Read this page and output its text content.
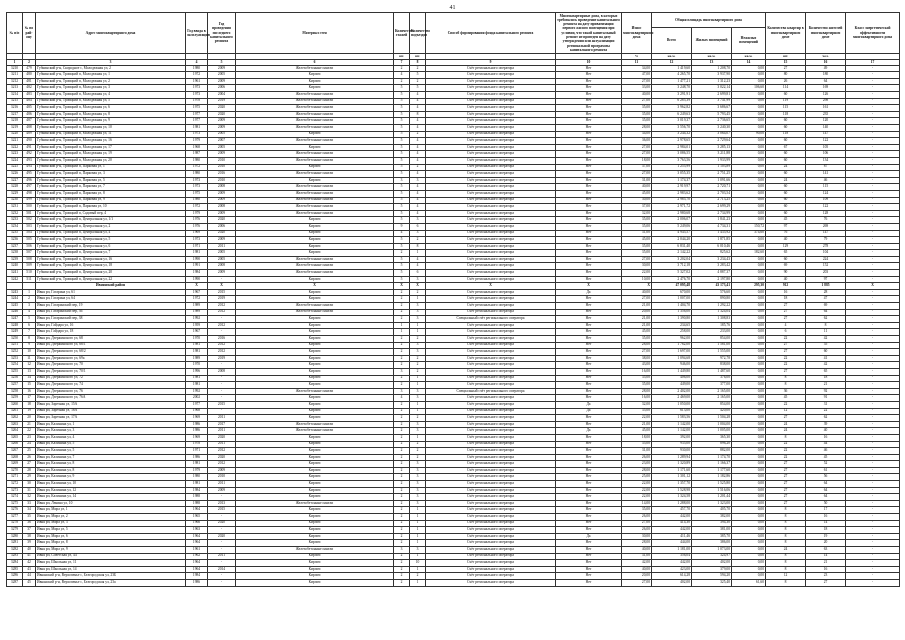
41
№ п/п	№ по рай-ону	Адрес многоквартирного дома	Год ввода в эксплуатацию	Год проведения последнего капитального ремонта	Материал стен	Количество этажей	Количество подъездов	Способ формирования фонда капитального ремонта	Многоквартирные дома, в которых требовалось проведение капитального ремонта на дату приватизации первого жилого помещения при условии, что такой капитальный ремонт не проведен на дату утверждения или актуализации региональной программы капитального ремонта	Износ многоквартирного дома	Общая площадь многоквартирного дома			Количество квартир в многоквартирном доме	Количество жителей многоквартирном доме	Класс энергетической эффективности многоквартирного дома
											Всего	Жилых помещений	Нежилых помещений			
						шт.	шт.			%	кв.м.	кв.м.	кв.м.	шт.	чел.	
1	2	3	4	5	6	7	8	9	10	11	12	13	14	15	16	17
3210	479	Губкинский р-н, Скородное с, Молодежная ул, 2	1980	2009	Железобетонные панели	2	2	Счёт регионального оператора	Нет	34,00	1 419,60	1 208,70	0,00	27	49	-
3211	480	Губкинский р-н, Троицкий п, Молодежная ул, 1	1972	2005	Кирпич	4	5	Счёт регионального оператора	Нет	47,00	4 265,70	3 937,90	0,00	80	180	-
3212	481	Губкинский р-н, Троицкий п, Молодежная ул, 2	1961	2009	Кирпич	2	2	Счёт регионального оператора	Нет	27,00	1 477,21	1 312,23	0,00	26	64	-
3213	482	Губкинский р-н, Троицкий п, Молодежная ул, 3	1973	2006	Кирпич	5	5	Счёт регионального оператора	Нет	33,00	3 248,70	3 022,14	106,60	114	169	-
3214	483	Губкинский р-н, Троицкий п, Молодежная ул, 4	1973	2004	Железобетонные панели	5	4	Счёт регионального оператора	Нет	40,00	3 291,91	2 699,81	0,00	60	126	-
3215	484	Губкинский р-н, Троицкий п, Молодежная ул, 5	1978	2019	Железобетонные панели	5	4	Счёт регионального оператора	Нет	27,00	6 285,39	3 741,99	0,00	119	298	-
3216	485	Губкинский р-н, Троицкий п, Молодежная ул, 6	1975	2020	Железобетонные панели	5	4	Счёт регионального оператора	Нет	35,00	3 962,82	3 686,67	0,00	115	161	-
3217	486	Губкинский р-н, Троицкий п, Молодежная ул, 8	1977	2020	Железобетонные панели	5	8	Счёт регионального оператора	Нет	35,00	6 249,63	5 793,45	0,00	118	235	-
3218	487	Губкинский р-н, Троицкий п, Молодежная ул, 9	1977	2009	Железобетонные панели	5	4	Счёт регионального оператора	Нет	35,00	3 019,37	2 736,65	0,00	60	120	-
3219	488	Губкинский р-н, Троицкий п, Молодежная ул, 10	1981	2009	Железобетонные панели	5	4	Счёт регионального оператора	Нет	28,00	3 556,70	3 240,30	0,00	60	140	-
3220	489	Губкинский р-н, Троицкий п, Молодежная ул, 11	1973	2005	Кирпич	5	2	Счёт регионального оператора	Нет	34,00	3 244,32	3 064,07	90,00	118	147	-
3221	490	Губкинский р-н, Троицкий п, Молодежная ул, 16	1979	2007	Железобетонные панели	5	4	Счёт регионального оператора	Нет	36,00	2 978,65	2 729,64	0,00	60	122	-
3222	491	Губкинский р-н, Троицкий п, Молодежная ул, 17	1968	2005	Кирпич	5	4	Счёт регионального оператора	Нет	27,00	2 984,01	3 285,13	0,00	67	105	-
3223	492	Губкинский р-н, Троицкий п, Молодежная ул, 19	1987	2009	Железобетонные панели	5	4	Счёт регионального оператора	Нет	27,00	3 086,55	3 211,88	0,00	60	106	-
3224	493	Губкинский р-н, Троицкий п, Молодежная ул, 20	1980	2010	Железобетонные панели	5	4	Счёт регионального оператора	Нет	18,00	3 763,56	1 933,99	0,00	60	134	-
3225	494	Губкинский р-н, Троицкий п, Парковая ул, 1	1972	2010	Кирпич	5	2	Счёт регионального оператора	Нет	37,00	1 255,99	1 103,89	0,00	24	87	-
3226	495	Губкинский р-н, Троицкий п, Парковая ул, 3	1980	2016	Железобетонные панели	5	4	Счёт регионального оператора	Нет	27,00	3 055,35	2 751,25	0,00	60	141	-
3227	496	Губкинский р-н, Троицкий п, Парковая ул, 5	1973	2010	Кирпич	3	3	Счёт регионального оператора	Нет	31,00	1 174,37	1 091,66	0,00	24	46	-
3228	497	Губкинский р-н, Троицкий п, Парковая ул, 7	1973	2008	Железобетонные панели	5	4	Счёт регионального оператора	Нет	40,00	2 919,97	2 720,71	0,00	60	115	-
3229	498	Губкинский р-н, Троицкий п, Парковая ул, 8	1975	2009	Железобетонные панели	5	4	Счёт регионального оператора	Нет	45,00	2 983,62	2 703,54	0,00	60	124	-
3230	499	Губкинский р-н, Троицкий п, Парковая ул, 9	1980	2009	Железобетонные панели	5	4	Счёт регионального оператора	Нет	30,00	2 985,70	2 713,25	0,00	60	109	-
3231	500	Губкинский р-н, Троицкий п, Парковая ул, 10	1972	2008	Железобетонные панели	5	4	Счёт регионального оператора	Нет	37,00	2 971,72	2 699,29	0,00	60	122	-
3232	501	Губкинский р-н, Троицкий п, Садовый пер, 4	1979	2009	Железобетонные панели	5	4	Счёт регионального оператора	Нет	32,00	2 980,68	2 734,99	0,00	60	128	-
3233	502	Губкинский р-н, Троицкий п, Центральная ул, 1/1	1976	2020	Кирпич	5	3	Счёт регионального оператора	Нет	35,00	2 006,07	1 841,23	0,00	45	76	-
3234	503	Губкинский р-н, Троицкий п, Центральная ул, 2	1976	2006	Кирпич	9	6	Счёт регионального оператора	Нет	35,00	5 249,06	4 734,31	150,72	97	269	-
3235	504	Губкинский р-н, Троицкий п, Центральная ул, 4	1969	2020	Кирпич	4	3	Счёт регионального оператора	Нет	31,00	4 945,57	1 435,92	374,60	76	147	-
3236	505	Губкинский р-н, Троицкий п, Центральная ул, 5	1973	2009	Кирпич	5	2	Счёт регионального оператора	Нет	45,00	2 044,20	1 871,85	0,00	40	79	-
3237	506	Губкинский р-н, Троицкий п, Центральная ул, 6	1971	2011	Кирпич	5	8	Счёт регионального оператора	Нет	35,00	6 831,40	6 010,46	0,00	129	278	-
3238	507	Губкинский р-н, Троицкий п, Центральная ул, 7	1981	2005	Кирпич	2	1	Счёт регионального оператора	Нет	35,00	2 142,22	825,62	182,60	65	104	-
3239	508	Губкинский р-н, Троицкий п, Центральная ул, 16	1990	2005	Железобетонные панели	5	4	Счёт регионального оператора	Нет	27,00	3 202,04	3 234,43	0,00	60	224	-
3240	509	Губкинский р-н, Троицкий п, Центральная ул, 18	1991	2008	Железобетонные панели	5	4	Счёт регионального оператора	Нет	30,00	3 712,18	3 283,42	0,00	69	152	-
3241	510	Губкинский р-н, Троицкий п, Центральная ул, 20	1984	2009	Железобетонные панели	5	6	Счёт регионального оператора	Нет	22,00	5 327,02	4 887,37	0,00	90	203	-
3242	511	Губкинский р-н, Троицкий п, Центральная ул, 22	1990	-	Кирпич	5	3	Счёт регионального оператора	Нет	10,00	2 476,70	2 197,80	0,00	40	97	-
		Ивнянский район	X	X	X	X	X	X	X	X	47 095,48	43 173,41	295,30	912	1 885	X
3243	1	Ивня рп, Гагарина ул, 61	1967	2015	Кирпич	2	2	Счёт регионального оператора	Да	40,00	670,00	576,60	0,00	16	28	-
3244	2	Ивня рп, Гагарина ул, 64	1972	2019	Кирпич	2	1	Счёт регионального оператора	Нет	27,00	1 007,00	890,80	0,00	18	47	-
3245	3	Ивня рп, Гагаринский пер, 19	1989	2012	Железобетонные панели	2	3	Счёт регионального оператора	Нет	21,00	1 404,70	1 292,22	0,00	27	69	-
3246	4	Ивня рп, Гагаринский пер, 36	1989	2012	Железобетонные панели	2	3	Счёт регионального оператора	Нет	20,00	1 356,00	1 324,04	0,00	27	64	-
3247	5	Ивня рп, Гагаринский пер, 38	1992	-	Кирпич	2	3	Специальный счёт регионального оператора	Нет	21,00	1 390,80	1 308,83	0,00	27	62	-
3248	6	Ивня рп, Гайдара ул, 16	1959	2012	Кирпич	1	1	Счёт регионального оператора	Нет	21,00	234,65	185,76	0,00	4	8	-
3249	7	Ивня рп, Гайдара ул, 18	1967	-	Кирпич	1	1	Счёт регионального оператора	Нет	45,00	258,00	233,00	0,00	6	11	-
3250	8	Ивня рп, Дзержинского ул, 68	1970	2016	Кирпич	2	2	Счёт регионального оператора	Нет	35,00	962,00	854,00	0,00	22	42	-
3251	9	Ивня рп, Дзержинского ул, 68/1	1981	2012	Кирпич	2	3	Счёт регионального оператора	Нет	28,00	1 762,00	1 581,00	0,00	27	55	-
3252	10	Ивня рп, Дзержинского ул, 68/2	1981	2012	Кирпич	2	3	Счёт регионального оператора	Нет	27,00	1 697,00	1 555,00	0,00	27	60	-
3253	11	Ивня рп, Дзержинского ул, 69а	1989	2019	Кирпич	2	2	Счёт регионального оператора	Нет	38,00	1 094,68	972,78	0,00	22	41	-
3254	12	Ивня рп, Дзержинского ул, 70	1970	-	Кирпич	2	2	Счёт регионального оператора	Нет	43,00	946,00	838,00	0,00	22	42	-
3255	13	Ивня рп, Дзержинского ул, 70/1	1996	2008	Кирпич	3	2	Счёт регионального оператора	Нет	16,00	1 449,80	1 487,60	0,00	27	65	-
3256	14	Ивня рп, Дзержинского ул, 72	1981	-	Кирпич	2	1	Счёт регионального оператора	Нет	35,00	406,00	376,00	0,00	8	18	-
3257	15	Ивня рп, Дзержинского ул, 74	1981	-	Кирпич	2	1	Счёт регионального оператора	Нет	35,00	449,00	377,00	0,00	8	21	-
3258	16	Ивня рп, Дзержинского ул, 76	1992	-	Железобетонные панели	3	3	Специальный счёт регионального оператора	Нет	28,00	2 402,00	2 165,00	0,00	36	92	-
3259	17	Ивня рп, Дзержинского ул, 76А	2002	-	Кирпич	4	3	Счёт регионального оператора	Нет	16,00	2 469,00	2 165,00	0,00	45	91	-
3260	18	Ивня рп, Заречная ул, 15А	1977	2015	Кирпич	2	1	Счёт регионального оператора	Да	32,00	1 050,00	854,00	0,00	22	31	-
3261	19	Ивня рп, Заречная ул, 16А	1968	-	Кирпич	2	1	Счёт регионального оператора	Да	35,00	613,00	420,00	0,00	12	22	-
3262	20	Ивня рп, Заречная ул, 17А	1969	2011	Кирпич	2	2	Счёт регионального оператора	Нет	22,00	1 583,56	1 504,28	0,00	27	62	-
3263	21	Ивня рп, Калинина ул, 1	1986	2017	Железобетонные панели	2	3	Счёт регионального оператора	Нет	21,00	1 142,00	1 004,00	0,00	24	39	-
3264	22	Ивня рп, Калинина ул, 3	1986	2011	Железобетонные панели	2	3	Счёт регионального оператора	Да	45,00	1 142,00	1 005,00	0,00	24	40	-
3265	23	Ивня рп, Калинина ул, 4	1969	2020	Кирпич	2	1	Счёт регионального оператора	Нет	18,00	392,00	365,30	0,00	8	16	-
3266	24	Ивня рп, Калинина ул, 5	1978	2011	Кирпич	2	2	Счёт регионального оператора	Нет	35,00	935,00	896,20	0,00	22	44	-
3267	25	Ивня рп, Калинина ул, 5	1971	2012	Кирпич	2	2	Счёт регионального оператора	Нет	31,00	930,00	882,00	0,00	22	46	-
3268	26	Ивня рп, Калинина ул, 7	1986	2020	Кирпич	2	2	Счёт регионального оператора	Нет	26,00	1 289,94	1 174,70	0,00	22	45	-
3269	27	Ивня рп, Калинина ул, 8	1981	2012	Кирпич	2	3	Счёт регионального оператора	Нет	23,00	1 320,89	1 166,37	0,00	27	52	-
3270	28	Ивня рп, Калинина ул, 8	1979	2009	Кирпич	2	3	Счёт регионального оператора	Нет	28,00	1 171,60	1 177,60	0,00	27	61	-
3271	29	Ивня рп, Калинина ул, 9	1980	2010	Кирпич	2	3	Счёт регионального оператора	Нет	25,00	1 301,12	1 182,86	0,00	27	56	-
3272	30	Ивня рп, Калинина ул, 10	1981	2011	Кирпич	2	3	Счёт регионального оператора	Нет	22,00	1 357,70	1 525,80	0,00	27	64	-
3273	31	Ивня рп, Калинина ул, 12	1984	2009	Кирпич	2	3	Счёт регионального оператора	Нет	22,00	1 528,98	1 516,06	0,00	27	64	-
3274	32	Ивня рп, Калинина ул, 14	1988	-	Кирпич	2	3	Счёт регионального оператора	Нет	22,00	1 324,58	1 201,44	0,00	27	64	-
3275	33	Ивня рп, Ленина ул, 10	1988	2013	Железобетонные панели	2	3	Счёт регионального оператора	Нет	14,00	1 288,00	1 323,00	0,00	27	50	-
3276	34	Ивня рп, Мира ул, 1	1964	2015	Кирпич	2	1	Счёт регионального оператора	Нет	35,00	457,70	405,70	0,00	8	17	-
3277	35	Ивня рп, Мира ул, 2	1965	-	Кирпич	2	1	Счёт регионального оператора	Нет	26,00	442,00	382,00	0,00	8	16	-
3278	36	Ивня рп, Мира ул, 3	1966	2020	Кирпич	2	1	Счёт регионального оператора	Нет	27,00	414,30	394,30	0,00	8	14	-
3279	37	Ивня рп, Мира ул, 5	1963	-	Кирпич	2	1	Счёт регионального оператора	Нет	26,00	442,00	381,00	0,00	8	18	-
3280	38	Ивня рп, Мира ул, 6	1964	2020	Кирпич	2	1	Счёт регионального оператора	Да	30,00	411,46	385,70	0,00	8	19	-
3281	39	Ивня рп, Мира ул, 8	1964	-	Кирпич	2	1	Счёт регионального оператора	Нет	28,00	444,00	386,00	0,00	8	20	-
3282	40	Ивня рп, Мира ул, 9	1961	-	Железобетонные панели	3	3	Счёт регионального оператора	Нет	40,00	1 181,00	1 073,00	0,00	24	63	-
3283	41	Ивня рп, Советская ул, 44	1962	2011	Кирпич	2	1	Счёт регионального оператора	Нет	31,00	356,04	324,97	0,00	8	14	-
3284	42	Ивня рп, Школьная ул, 11	1964	-	Кирпич	2	10	Счёт регионального оператора	Нет	42,00	442,00	402,00	0,00	8	21	-
3285	43	Ивня рп, Школьная ул, 14	1964	2014	Кирпич	2	1	Счёт регионального оператора	Нет	40,00	423,00	379,00	0,00	8	16	-
3286	44	Ивнянский р-н, Верхопенье с, Белгородская ул, 23Б	1984	-	Кирпич	2	2	Счёт регионального оператора	Нет	20,00	614,28	594,20	0,00	12	23	-
3287	45	Ивнянский р-н, Верхопенье с, Белгородская ул, 23а	1986	-	Кирпич	2	1	Счёт регионального оператора	Нет	27,00	402,00	325,40	61,60	8	27	-
